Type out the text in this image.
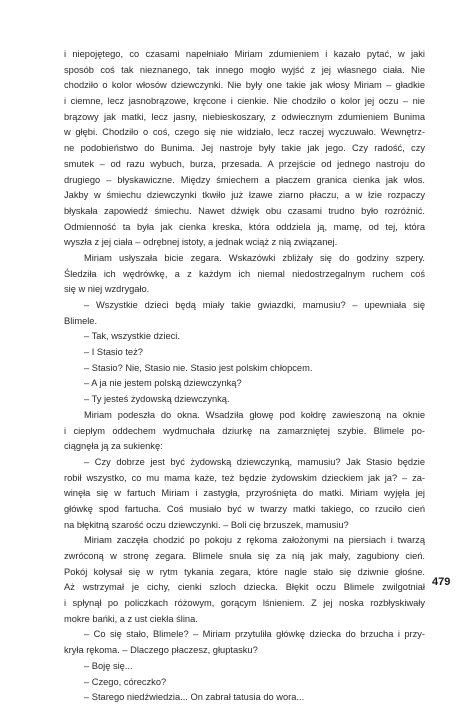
i niepojętego, co czasami napełniało Miriam zdumieniem i kazało pytać, w jaki
sposób coś tak nieznanego, tak innego mogło wyjść z jej własnego ciała. Nie
chodziło o kolor włosów dziewczynki. Nie były one takie jak włosy Miriam – gładkie
i ciemne, lecz jasnobrązowe, kręcone i cienkie. Nie chodziło o kolor jej oczu – nie
brązowy jak matki, lecz jasny, niebieskoszary, z odwiecznym zdumieniem Bunima
w głębi. Chodziło o coś, czego się nie widziało, lecz raczej wyczuwało. Wewnętrz-
ne podobieństwo do Bunima. Jej nastroje były takie jak jego. Czy radość, czy
smutek – od razu wybuch, burza, przesada. A przejście od jednego nastroju do
drugiego – błyskawiczne. Między śmiechem a płaczem granica cienka jak włos.
Jakby w śmiechu dziewczynki tkwiło już łzawe ziarno płaczu, a w łzie rozpaczy
błyskała zapowiedź śmiechu. Nawet dźwięk obu czasami trudno było rozróżnić.
Odmienność ta była jak cienka kreska, która oddziela ją, mamę, od tej, która
wyszła z jej ciała – odrębnej istoty, a jednak wciąż z nią związanej.
Miriam usłyszała bicie zegara. Wskazówki zbliżały się do godziny szpery.
Śledziła ich wędrówkę, a z każdym ich niemal niedostrzegalnym ruchem coś
się w niej wzdrygało.
– Wszystkie dzieci będą miały takie gwiazdki, mamusiu? – upewniała się
Blimele.
– Tak, wszystkie dzieci.
– I Stasio też?
– Stasio? Nie, Stasio nie. Stasio jest polskim chłopcem.
– A ja nie jestem polską dziewczynką?
– Ty jesteś żydowską dziewczynką.
Miriam podeszła do okna. Wsadziła głowę pod kołdrę zawieszoną na oknie
i ciepłym oddechem wydmuchała dziurkę na zamarzniętej szybie. Blimele po-
ciągnęła ją za sukienkę:
– Czy dobrze jest być żydowską dziewczynką, mamusiu? Jak Stasio będzie
robił wszystko, co mu mama każe, też będzie żydowskim dzieckiem jak ja? – za-
winęła się w fartuch Miriam i zastygła, przyrośnięta do matki. Miriam wyjęła jej
główkę spod fartucha. Coś musiało być w twarzy matki takiego, co rzuciło cień
na błękitną szarość oczu dziewczynki. – Boli cię brzuszek, mamusiu?
Miriam zaczęła chodzić po pokoju z rękoma założonymi na piersiach i twarzą
zwróconą w stronę zegara. Blimele snuła się za nią jak mały, zagubiony cień.
Pokój kołysał się w rytm tykania zegara, które nagle stało się dziwnie głośne.
Aż wstrzymał je cichy, cienki szloch dziecka. Błękit oczu Blimele zwilgotniał
i spłynął po policzkach różowym, gorącym lśnieniem. Z jej noska rozbłyskiwały
mokre bańki, a z ust ciekła ślina.
– Co się stało, Blimele? – Miriam przytuliła główkę dziecka do brzucha i przy-
kryła rękoma. – Dlaczego płaczesz, głuptasku?
– Boję się...
– Czego, córeczko?
– Starego niedźwiedzia... On zabrał tatusia do wora...
479
